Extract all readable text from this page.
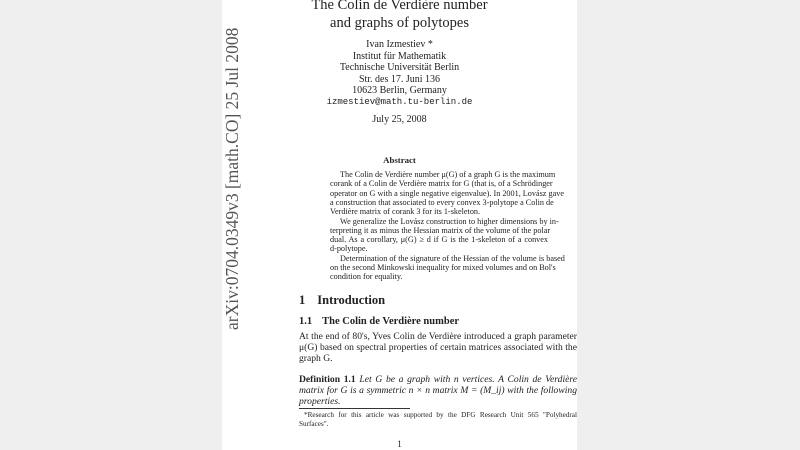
The Colin de Verdière number
and graphs of polytopes
Ivan Izmestiev *
Institut für Mathematik
Technische Universität Berlin
Str. des 17. Juni 136
10623 Berlin, Germany
izmestiev@math.tu-berlin.de
July 25, 2008
Abstract
The Colin de Verdière number μ(G) of a graph G is the maximum
corank of a Colin de Verdière matrix for G (that is, of a Schrödinger
operator on G with a single negative eigenvalue). In 2001, Lovász gave
a construction that associated to every convex 3-polytope a Colin de
Verdière matrix of corank 3 for its 1-skeleton.
We generalize the Lovász construction to higher dimensions by in-
terpreting it as minus the Hessian matrix of the volume of the polar
dual. As a corollary, μ(G) ≥ d if G is the 1-skeleton of a convex
d-polytope.
Determination of the signature of the Hessian of the volume is based
on the second Minkowski inequality for mixed volumes and on Bol's
condition for equality.
1 Introduction
1.1 The Colin de Verdière number
At the end of 80's, Yves Colin de Verdière introduced a graph parameter
μ(G) based on spectral properties of certain matrices associated with the
graph G.
Definition 1.1 Let G be a graph with n vertices. A Colin de Verdière
matrix for G is a symmetric n × n matrix M = (M_ij) with the following
properties.
*Research for this article was supported by the DFG Research Unit 565 "Polyhedral
Surfaces".
1
arXiv:0704.0349v3 [math.CO] 25 Jul 2008
